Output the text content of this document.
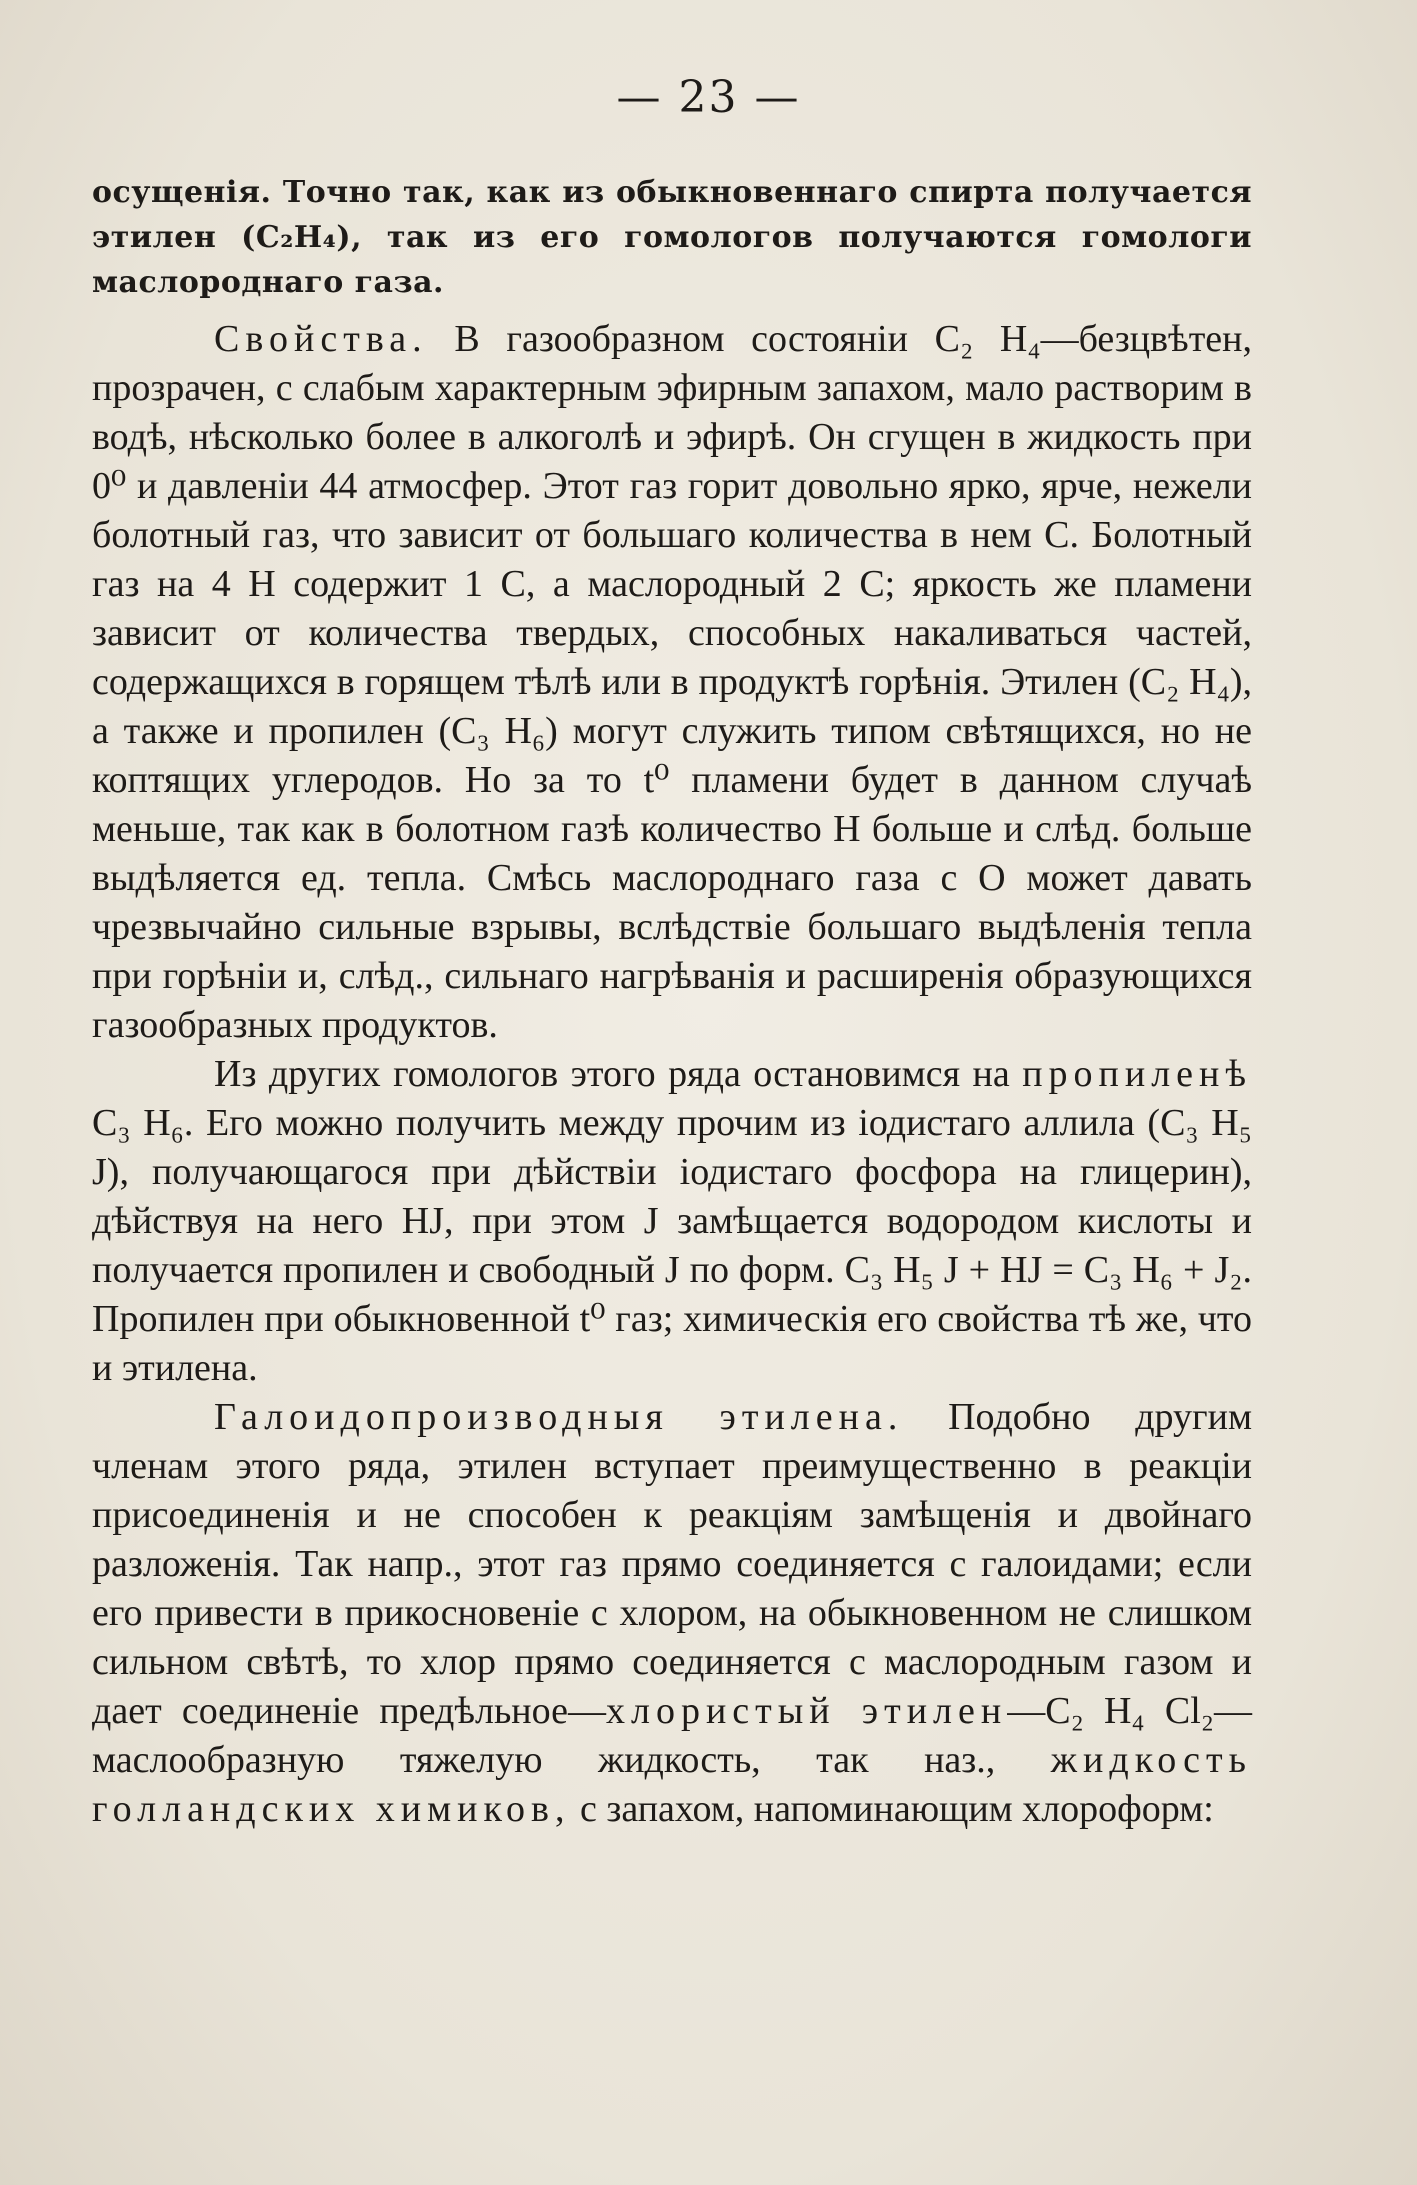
— 23 —

осущенія. Точно так, как из обыкновеннаго спирта получается этилен (C₂H₄), так из его гомологов получаются гомологи маслороднаго газа.

Свойства. В газообразном состояніи C₂ H₄—безцвѣтен, прозрачен, с слабым характерным эфирным запахом, мало растворим в водѣ, нѣсколько более в алкоголѣ и эфирѣ. Он сгущен в жидкость при 0⁰ и давленіи 44 атмосфер. Этот газ горит довольно ярко, ярче, нежели болотный газ, что зависит от большаго количества в нем С. Болотный газ на 4 Н содержит 1 С, а маслородный 2 С; яркость же пламени зависит от количества твердых, способных накаливаться частей, содержащихся в горящем тѣлѣ или в продуктѣ горѣнія. Этилен (C₂ H₄), а также и пропилен (C₃ H₆) могут служить типом свѣтящихся, но не коптящих углеродов. Но за то t⁰ пламени будет в данном случаѣ меньше, так как в болотном газѣ количество Н больше и слѣд. больше выдѣляется ед. тепла. Смѣсь маслороднаго газа с О может давать чрезвычайно сильные взрывы, вслѣдствіе большаго выдѣленія тепла при горѣніи и, слѣд., сильнаго нагрѣванія и расширенія образующихся газообразных продуктов.

Из других гомологов этого ряда остановимся на пропиленѣ C₃ H₆. Его можно получить между прочим из іодистаго аллила (C₃ H₅ J), получающагося при дѣйствіи іодистаго фосфора на глицерин), дѣйствуя на него HJ, при этом J замѣщается водородом кислоты и получается пропилен и свободный J по форм. C₃ H₅ J + HJ = C₃ H₆ + J₂. Пропилен при обыкновенной t⁰ газ; химическія его свойства тѣ же, что и этилена.

Галоидопроизводныя этилена. Подобно другим членам этого ряда, этилен вступает преимущественно в реакціи присоединенія и не способен к реакціям замѣщенія и двойнаго разложенія. Так напр., этот газ прямо соединяется с галоидами; если его привести в прикосновеніе с хлором, на обыкновенном не слишком сильном свѣтѣ, то хлор прямо соединяется с маслородным газом и дает соединеніе предѣльное—хлористый этилен—C₂ H₄ Cl₂—маслообразную тяжелую жидкость, так наз., жидкость голландских химиков, с запахом, напоминающим хлороформ:
